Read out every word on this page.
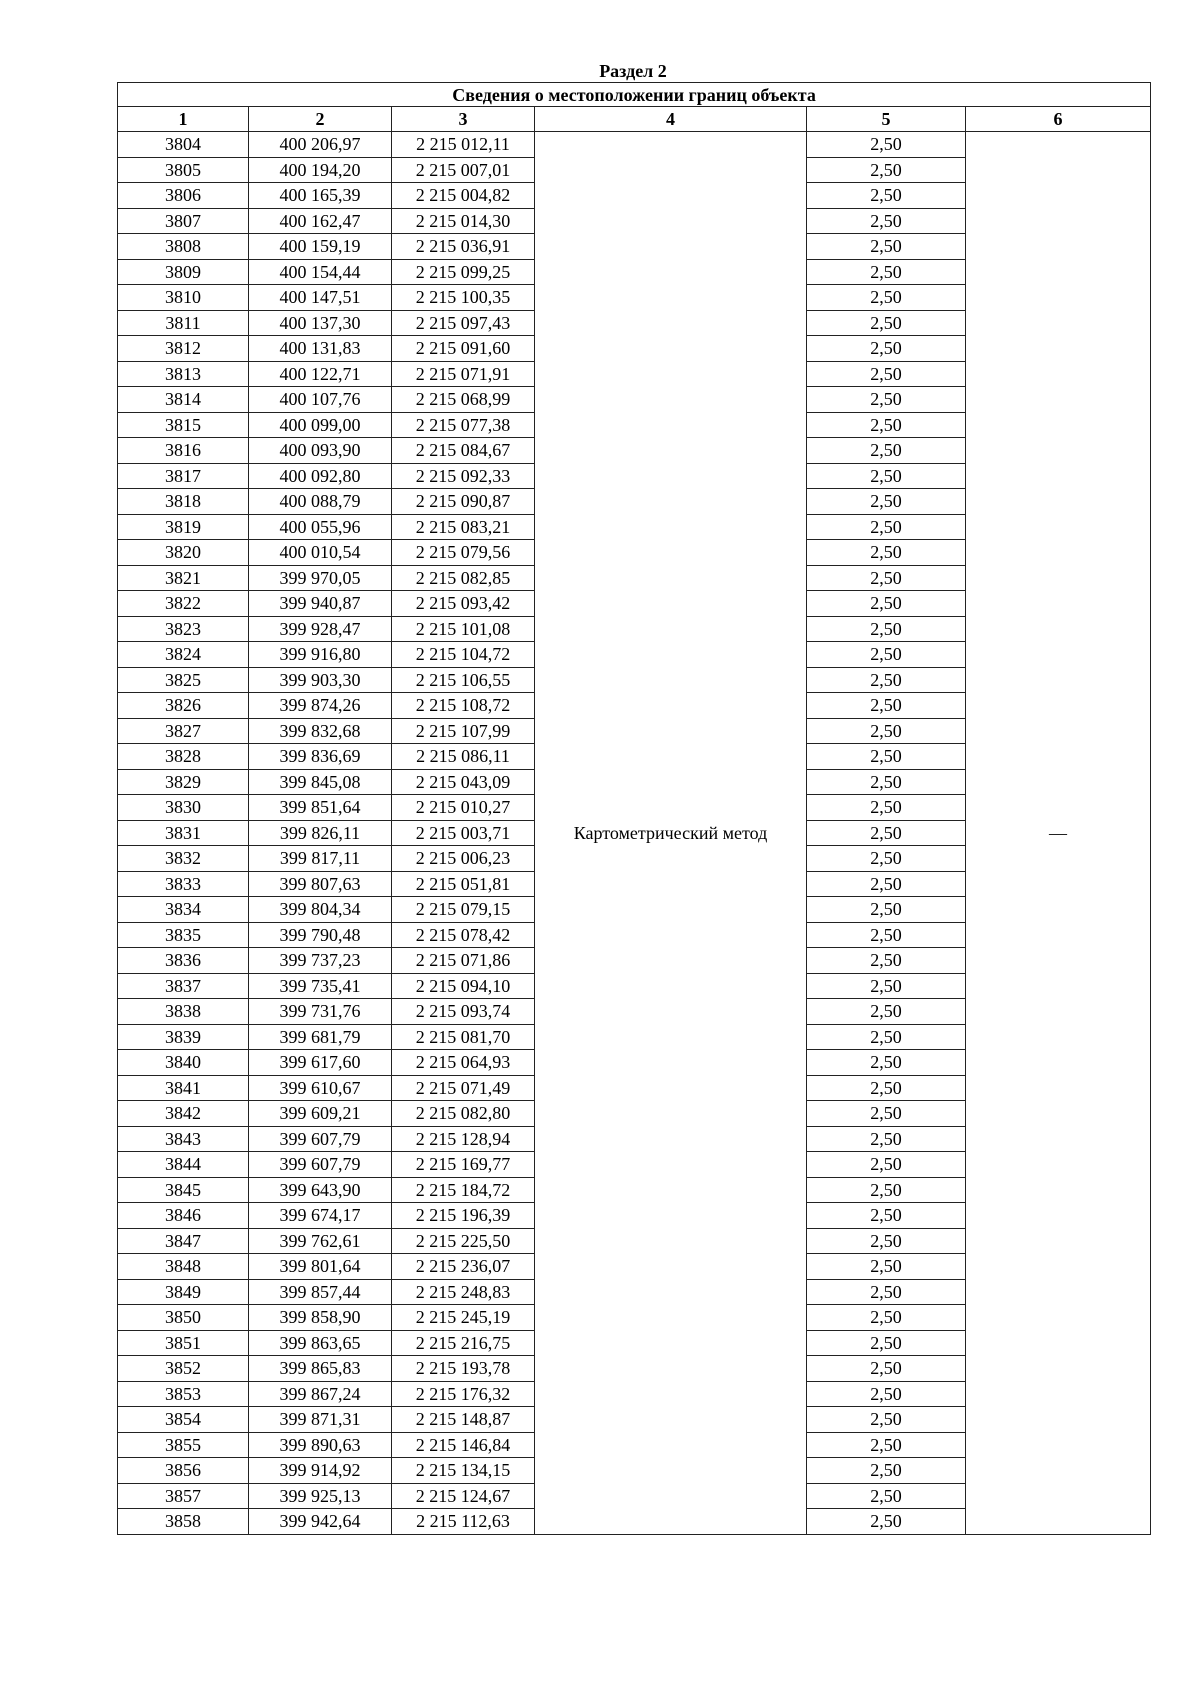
Раздел 2
Сведения о местоположении границ объекта					
1	2	3	4	5	6
3804	400 206,97	2 215 012,11	Картометрический метод	2,50	—
3805	400 194,20	2 215 007,01		2,50	
3806	400 165,39	2 215 004,82		2,50	
3807	400 162,47	2 215 014,30		2,50	
3808	400 159,19	2 215 036,91		2,50	
3809	400 154,44	2 215 099,25		2,50	
3810	400 147,51	2 215 100,35		2,50	
3811	400 137,30	2 215 097,43		2,50	
3812	400 131,83	2 215 091,60		2,50	
3813	400 122,71	2 215 071,91		2,50	
3814	400 107,76	2 215 068,99		2,50	
3815	400 099,00	2 215 077,38		2,50	
3816	400 093,90	2 215 084,67		2,50	
3817	400 092,80	2 215 092,33		2,50	
3818	400 088,79	2 215 090,87		2,50	
3819	400 055,96	2 215 083,21		2,50	
3820	400 010,54	2 215 079,56		2,50	
3821	399 970,05	2 215 082,85		2,50	
3822	399 940,87	2 215 093,42		2,50	
3823	399 928,47	2 215 101,08		2,50	
3824	399 916,80	2 215 104,72		2,50	
3825	399 903,30	2 215 106,55		2,50	
3826	399 874,26	2 215 108,72		2,50	
3827	399 832,68	2 215 107,99		2,50	
3828	399 836,69	2 215 086,11		2,50	
3829	399 845,08	2 215 043,09		2,50	
3830	399 851,64	2 215 010,27		2,50	
3831	399 826,11	2 215 003,71		2,50	
3832	399 817,11	2 215 006,23		2,50	
3833	399 807,63	2 215 051,81		2,50	
3834	399 804,34	2 215 079,15		2,50	
3835	399 790,48	2 215 078,42		2,50	
3836	399 737,23	2 215 071,86		2,50	
3837	399 735,41	2 215 094,10		2,50	
3838	399 731,76	2 215 093,74		2,50	
3839	399 681,79	2 215 081,70		2,50	
3840	399 617,60	2 215 064,93		2,50	
3841	399 610,67	2 215 071,49		2,50	
3842	399 609,21	2 215 082,80		2,50	
3843	399 607,79	2 215 128,94		2,50	
3844	399 607,79	2 215 169,77		2,50	
3845	399 643,90	2 215 184,72		2,50	
3846	399 674,17	2 215 196,39		2,50	
3847	399 762,61	2 215 225,50		2,50	
3848	399 801,64	2 215 236,07		2,50	
3849	399 857,44	2 215 248,83		2,50	
3850	399 858,90	2 215 245,19		2,50	
3851	399 863,65	2 215 216,75		2,50	
3852	399 865,83	2 215 193,78		2,50	
3853	399 867,24	2 215 176,32		2,50	
3854	399 871,31	2 215 148,87		2,50	
3855	399 890,63	2 215 146,84		2,50	
3856	399 914,92	2 215 134,15		2,50	
3857	399 925,13	2 215 124,67		2,50	
3858	399 942,64	2 215 112,63		2,50	
